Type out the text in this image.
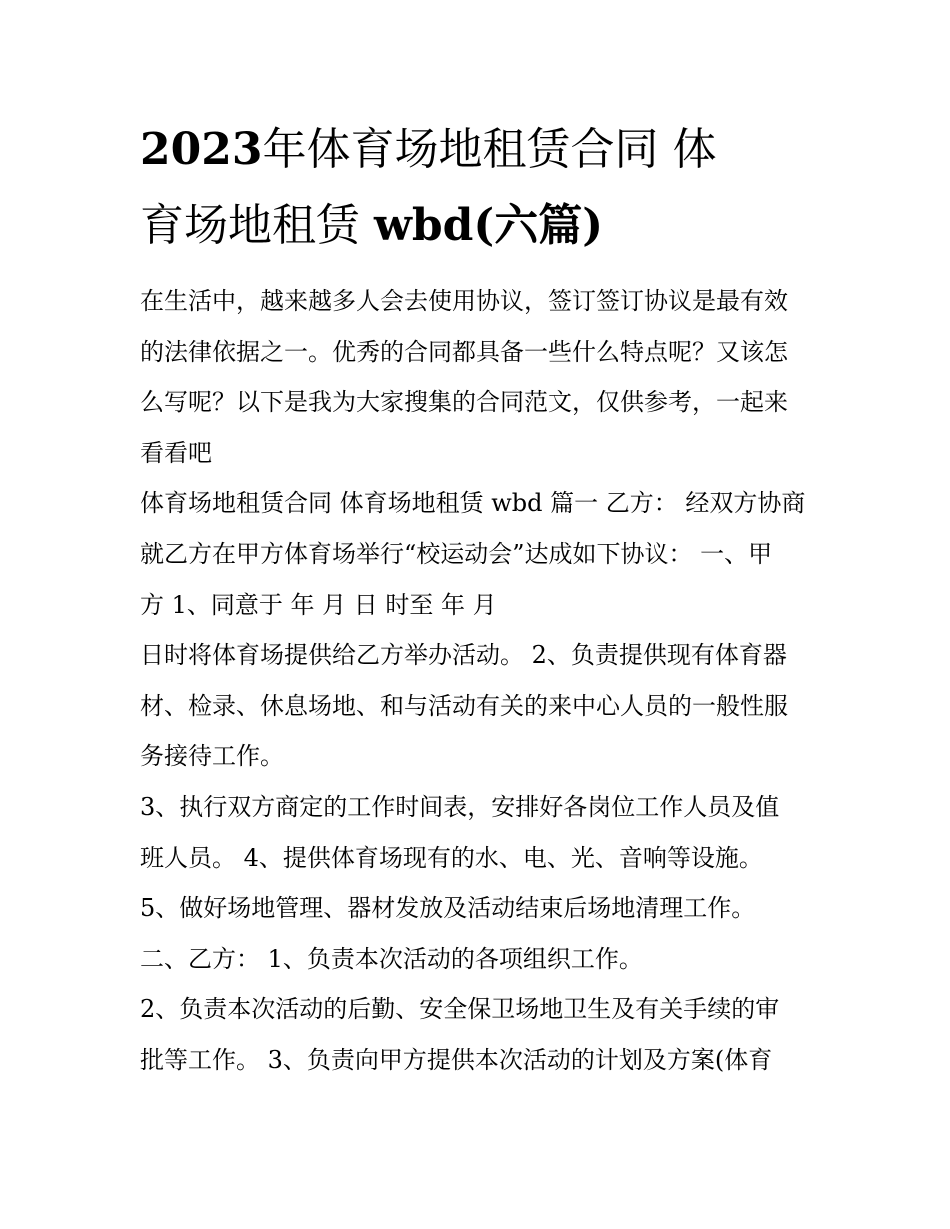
2023年体育场地租赁合同 体
育场地租赁 wbd(六篇)
在生活中，越来越多人会去使用协议，签订签订协议是最有效
的法律依据之一。优秀的合同都具备一些什么特点呢？又该怎
么写呢？以下是我为大家搜集的合同范文，仅供参考，一起来
看看吧
体育场地租赁合同 体育场地租赁 wbd 篇一 乙方： 经双方协商
就乙方在甲方体育场举行“校运动会”达成如下协议： 一、甲
方 1、同意于 年 月 日 时至 年 月
日时将体育场提供给乙方举办活动。 2、负责提供现有体育器
材、检录、休息场地、和与活动有关的来中心人员的一般性服
务接待工作。
3、执行双方商定的工作时间表，安排好各岗位工作人员及值
班人员。 4、提供体育场现有的水、电、光、音响等设施。
5、做好场地管理、器材发放及活动结束后场地清理工作。
二、乙方： 1、负责本次活动的各项组织工作。
2、负责本次活动的后勤、安全保卫场地卫生及有关手续的审
批等工作。 3、负责向甲方提供本次活动的计划及方案(体育
